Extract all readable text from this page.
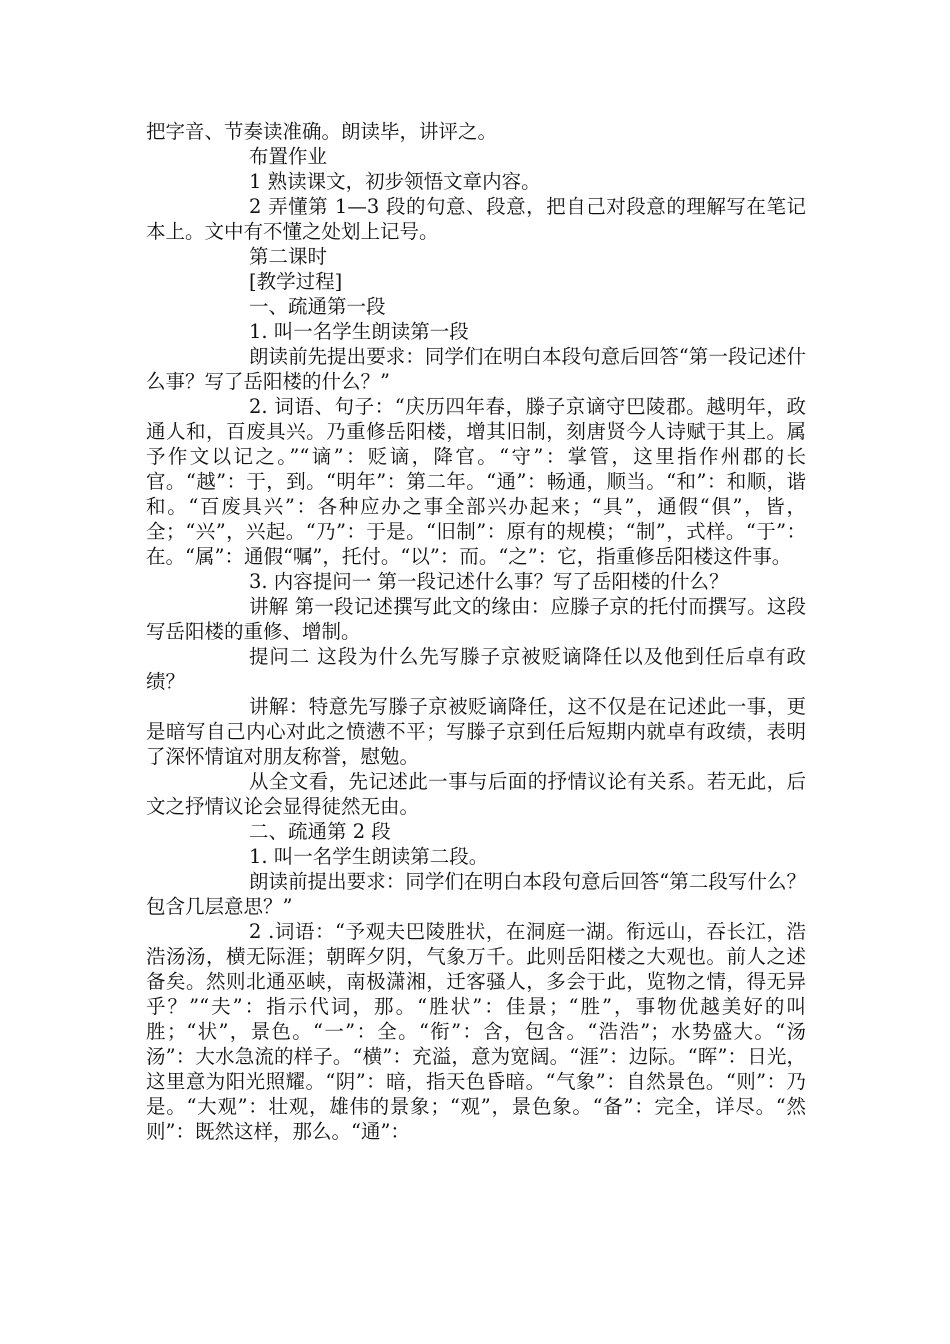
把字音、节奏读准确。朗读毕，讲评之。

布置作业

1 熟读课文，初步领悟文章内容。

2 弄懂第 1—3 段的句意、段意，把自己对段意的理解写在笔记本上。文中有不懂之处划上记号。

第二课时

[教学过程]

一、疏通第一段

1. 叫一名学生朗读第一段

朗读前先提出要求：同学们在明白本段句意后回答“第一段记述什么事？写了岳阳楼的什么？”

2. 词语、句子：“庆历四年春，滕子京谪守巴陵郡。越明年，政通人和，百废具兴。乃重修岳阳楼，增其旧制，刻唐贤今人诗赋于其上。属予作文以记之。”“谪”：贬谪，降官。“守”：掌管，这里指作州郡的长官。“越”：于，到。“明年”：第二年。“通”：畅通，顺当。“和”：和顺，谐和。“百废具兴”：各种应办之事全部兴办起来；“具”，通假“俱”，皆，全；“兴”，兴起。“乃”：于是。“旧制”：原有的规模；“制”，式样。“于”：在。“属”：通假“嘱”，托付。“以”：而。“之”：它，指重修岳阳楼这件事。

3. 内容提问一 第一段记述什么事？写了岳阳楼的什么？

讲解 第一段记述撰写此文的缘由：应滕子京的托付而撰写。这段写岳阳楼的重修、增制。

提问二 这段为什么先写滕子京被贬谪降任以及他到任后卓有政绩？

讲解：特意先写滕子京被贬谪降任，这不仅是在记述此一事，更是暗写自己内心对此之愤懑不平；写滕子京到任后短期内就卓有政绩，表明了深怀情谊对朋友称誉，慰勉。

从全文看，先记述此一事与后面的抒情议论有关系。若无此，后文之抒情议论会显得徒然无由。

二、疏通第 2 段

1. 叫一名学生朗读第二段。

朗读前提出要求：同学们在明白本段句意后回答“第二段写什么？包含几层意思？”

2 .词语：“予观夫巴陵胜状，在洞庭一湖。衔远山，吞长江，浩浩汤汤，横无际涯；朝晖夕阴，气象万千。此则岳阳楼之大观也。前人之述备矣。然则北通巫峡，南极潇湘，迁客骚人，多会于此，览物之情，得无异乎？”“夫”：指示代词，那。“胜状”：佳景；“胜”，事物优越美好的叫胜；“状”，景色。“一”：全。“衔”：含，包含。“浩浩”；水势盛大。“汤汤”：大水急流的样子。“横”：充溢，意为宽阔。“涯”：边际。“晖”：日光，这里意为阳光照耀。“阴”：暗，指天色昏暗。“气象”：自然景色。“则”：乃是。“大观”：壮观，雄伟的景象；“观”，景色象。“备”：完全，详尽。“然则”：既然这样，那么。“通”：
